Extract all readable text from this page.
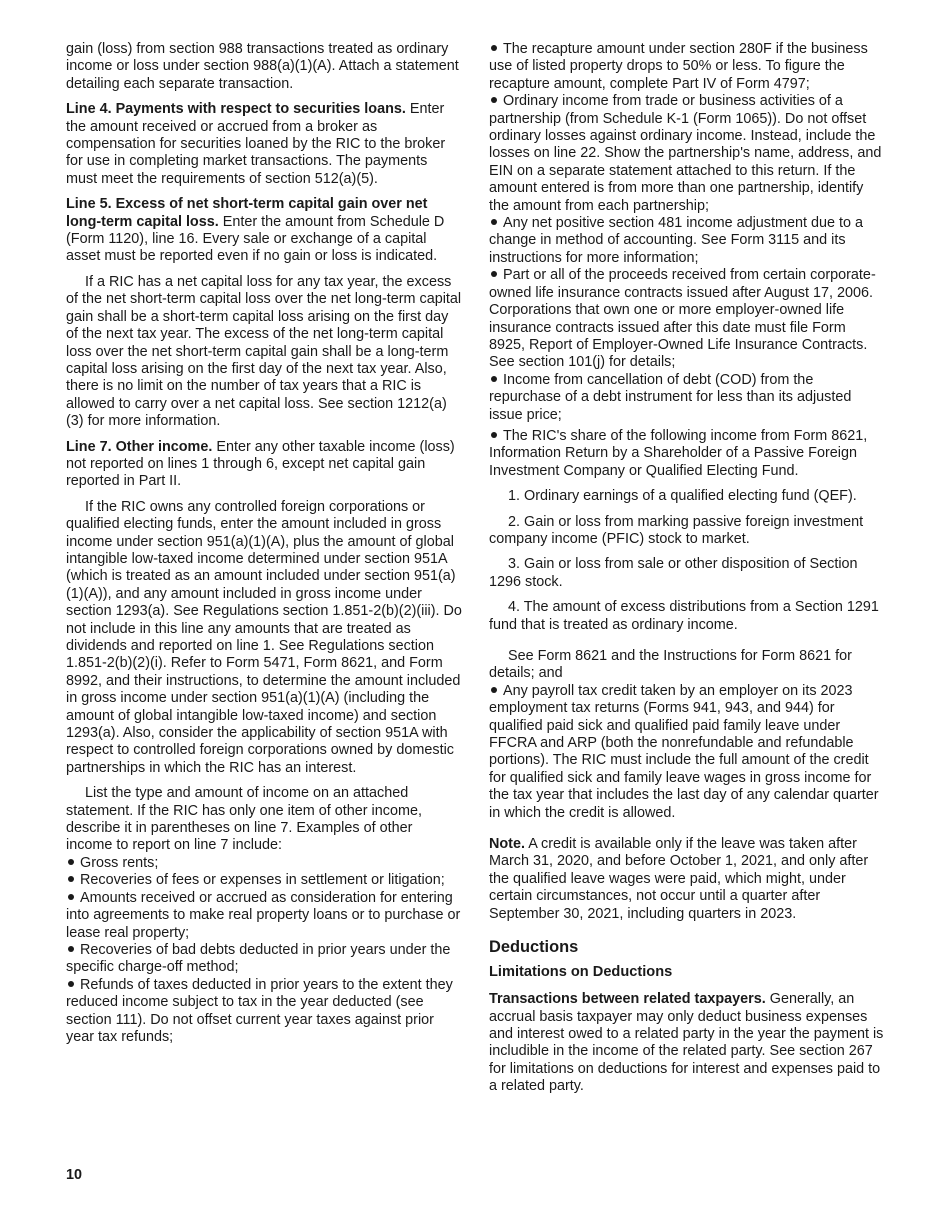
gain (loss) from section 988 transactions treated as ordinary income or loss under section 988(a)(1)(A). Attach a statement detailing each separate transaction.

Line 4. Payments with respect to securities loans. Enter the amount received or accrued from a broker as compensation for securities loaned by the RIC to the broker for use in completing market transactions. The payments must meet the requirements of section 512(a)(5).

Line 5. Excess of net short-term capital gain over net long-term capital loss. Enter the amount from Schedule D (Form 1120), line 16. Every sale or exchange of a capital asset must be reported even if no gain or loss is indicated.

If a RIC has a net capital loss for any tax year, the excess of the net short-term capital loss over the net long-term capital gain shall be a short-term capital loss arising on the first day of the next tax year. The excess of the net long-term capital loss over the net short-term capital gain shall be a long-term capital loss arising on the first day of the next tax year. Also, there is no limit on the number of tax years that a RIC is allowed to carry over a net capital loss. See section 1212(a)(3) for more information.

Line 7. Other income. Enter any other taxable income (loss) not reported on lines 1 through 6, except net capital gain reported in Part II.

If the RIC owns any controlled foreign corporations or qualified electing funds, enter the amount included in gross income under section 951(a)(1)(A), plus the amount of global intangible low-taxed income determined under section 951A (which is treated as an amount included under section 951(a)(1)(A)), and any amount included in gross income under section 1293(a). See Regulations section 1.851-2(b)(2)(iii). Do not include in this line any amounts that are treated as dividends and reported on line 1. See Regulations section 1.851-2(b)(2)(i). Refer to Form 5471, Form 8621, and Form 8992, and their instructions, to determine the amount included in gross income under section 951(a)(1)(A) (including the amount of global intangible low-taxed income) and section 1293(a). Also, consider the applicability of section 951A with respect to controlled foreign corporations owned by domestic partnerships in which the RIC has an interest.

List the type and amount of income on an attached statement. If the RIC has only one item of other income, describe it in parentheses on line 7. Examples of other income to report on line 7 include:

Gross rents;
Recoveries of fees or expenses in settlement or litigation;
Amounts received or accrued as consideration for entering into agreements to make real property loans or to purchase or lease real property;
Recoveries of bad debts deducted in prior years under the specific charge-off method;
Refunds of taxes deducted in prior years to the extent they reduced income subject to tax in the year deducted (see section 111). Do not offset current year taxes against prior year tax refunds;
The recapture amount under section 280F if the business use of listed property drops to 50% or less. To figure the recapture amount, complete Part IV of Form 4797;
Ordinary income from trade or business activities of a partnership (from Schedule K-1 (Form 1065)). Do not offset ordinary losses against ordinary income. Instead, include the losses on line 22. Show the partnership's name, address, and EIN on a separate statement attached to this return. If the amount entered is from more than one partnership, identify the amount from each partnership;
Any net positive section 481 income adjustment due to a change in method of accounting. See Form 3115 and its instructions for more information;
Part or all of the proceeds received from certain corporate-owned life insurance contracts issued after August 17, 2006. Corporations that own one or more employer-owned life insurance contracts issued after this date must file Form 8925, Report of Employer-Owned Life Insurance Contracts. See section 101(j) for details;
Income from cancellation of debt (COD) from the repurchase of a debt instrument for less than its adjusted issue price;

The RIC's share of the following income from Form 8621, Information Return by a Shareholder of a Passive Foreign Investment Company or Qualified Electing Fund.

1. Ordinary earnings of a qualified electing fund (QEF).

2. Gain or loss from marking passive foreign investment company income (PFIC) stock to market.

3. Gain or loss from sale or other disposition of Section 1296 stock.

4. The amount of excess distributions from a Section 1291 fund that is treated as ordinary income.

See Form 8621 and the Instructions for Form 8621 for details; and

Any payroll tax credit taken by an employer on its 2023 employment tax returns (Forms 941, 943, and 944) for qualified paid sick and qualified paid family leave under FFCRA and ARP (both the nonrefundable and refundable portions). The RIC must include the full amount of the credit for qualified sick and family leave wages in gross income for the tax year that includes the last day of any calendar quarter in which the credit is allowed.

Note. A credit is available only if the leave was taken after March 31, 2020, and before October 1, 2021, and only after the qualified leave wages were paid, which might, under certain circumstances, not occur until a quarter after September 30, 2021, including quarters in 2023.

Deductions
Limitations on Deductions

Transactions between related taxpayers. Generally, an accrual basis taxpayer may only deduct business expenses and interest owed to a related party in the year the payment is includible in the income of the related party. See section 267 for limitations on deductions for interest and expenses paid to a related party.

10
